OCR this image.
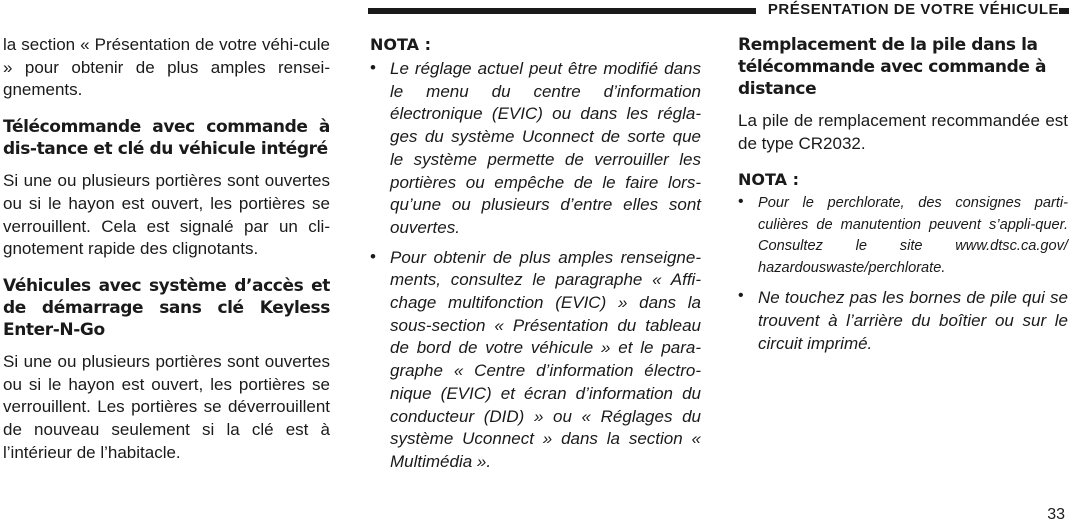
PRÉSENTATION DE VOTRE VÉHICULE

la section « Présentation de votre véhi-cule » pour obtenir de plus amples rensei-gnements.

Télécommande avec commande à dis-tance et clé du véhicule intégré

Si une ou plusieurs portières sont ouvertes ou si le hayon est ouvert, les portières se verrouillent. Cela est signalé par un cli-gnotement rapide des clignotants.

Véhicules avec système d’accès et de démarrage sans clé Keyless Enter-N-Go

Si une ou plusieurs portières sont ouvertes ou si le hayon est ouvert, les portières se verrouillent. Les portières se déverrouillent de nouveau seulement si la clé est à l’intérieur de l’habitacle.

NOTA :
• Le réglage actuel peut être modifié dans le menu du centre d’information électronique (EVIC) ou dans les régla-ges du système Uconnect de sorte que le système permette de verrouiller les portières ou empêche de le faire lors-qu’une ou plusieurs d’entre elles sont ouvertes.

• Pour obtenir de plus amples renseigne-ments, consultez le paragraphe « Affi-chage multifonction (EVIC) » dans la sous-section « Présentation du tableau de bord de votre véhicule » et le para-graphe « Centre d’information électro-nique (EVIC) et écran d’information du conducteur (DID) » ou « Réglages du système Uconnect » dans la section « Multimédia ».

Remplacement de la pile dans la télécommande avec commande à distance

La pile de remplacement recommandée est de type CR2032.

NOTA :
• Pour le perchlorate, des consignes parti-culières de manutention peuvent s’appli-quer. Consultez le site www.dtsc.ca.gov/ hazardouswaste/perchlorate.

• Ne touchez pas les bornes de pile qui se trouvent à l’arrière du boîtier ou sur le circuit imprimé.

33
